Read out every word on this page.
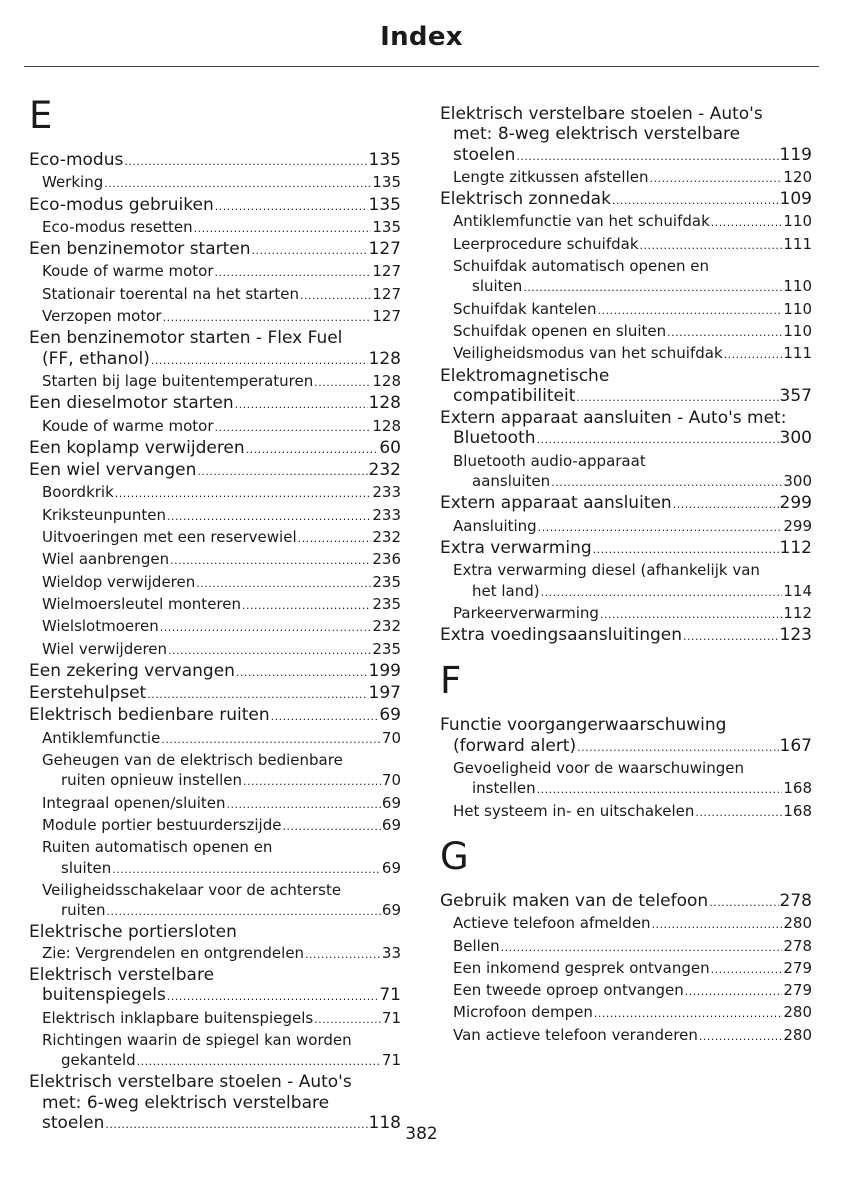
Index
E
Eco-modus .....	135
Werking .....	135
Eco-modus gebruiken .....	135
Eco-modus resetten .....	135
Een benzinemotor starten .....	127
Koude of warme motor .....	127
Stationair toerental na het starten .....	127
Verzopen motor .....	127
Een benzinemotor starten - Flex Fuel
(FF, ethanol) .....	128
Starten bij lage buitentemperaturen .....	128
Een dieselmotor starten .....	128
Koude of warme motor .....	128
Een koplamp verwijderen .....	60
Een wiel vervangen .....	232
Boordkrik .....	233
Kriksteunpunten .....	233
Uitvoeringen met een reservewiel .....	232
Wiel aanbrengen .....	236
Wieldop verwijderen .....	235
Wielmoersleutel monteren .....	235
Wielslotmoeren .....	232
Wiel verwijderen .....	235
Een zekering vervangen .....	199
Eerstehulpset .....	197
Elektrisch bedienbare ruiten .....	69
Antiklemfunctie .....	70
Geheugen van de elektrisch bedienbare
ruiten opnieuw instellen .....	70
Integraal openen/sluiten .....	69
Module portier bestuurderszijde .....	69
Ruiten automatisch openen en
sluiten .....	69
Veiligheidsschakelaar voor de achterste
ruiten .....	69
Elektrische portiersloten
Zie: Vergrendelen en ontgrendelen .....	33
Elektrisch verstelbare
buitenspiegels .....	71
Elektrisch inklapbare buitenspiegels .....	71
Richtingen waarin de spiegel kan worden
gekanteld .....	71
Elektrisch verstelbare stoelen - Auto's
met: 6-weg elektrisch verstelbare
stoelen .....	118
Elektrisch verstelbare stoelen - Auto's
met: 8-weg elektrisch verstelbare
stoelen .....	119
Lengte zitkussen afstellen .....	120
Elektrisch zonnedak .....	109
Antiklemfunctie van het schuifdak .....	110
Leerprocedure schuifdak .....	111
Schuifdak automatisch openen en
sluiten .....	110
Schuifdak kantelen .....	110
Schuifdak openen en sluiten .....	110
Veiligheidsmodus van het schuifdak .....	111
Elektromagnetische
compatibiliteit .....	357
Extern apparaat aansluiten - Auto's met:
Bluetooth .....	300
Bluetooth audio-apparaat
aansluiten .....	300
Extern apparaat aansluiten .....	299
Aansluiting .....	299
Extra verwarming .....	112
Extra verwarming diesel (afhankelijk van
het land) .....	114
Parkeerverwarming .....	112
Extra voedingsaansluitingen .....	123
F
Functie voorgangerwaarschuwing
(forward alert) .....	167
Gevoeligheid voor de waarschuwingen
instellen .....	168
Het systeem in- en uitschakelen .....	168
G
Gebruik maken van de telefoon .....	278
Actieve telefoon afmelden .....	280
Bellen .....	278
Een inkomend gesprek ontvangen .....	279
Een tweede oproep ontvangen .....	279
Microfoon dempen .....	280
Van actieve telefoon veranderen .....	280
382
